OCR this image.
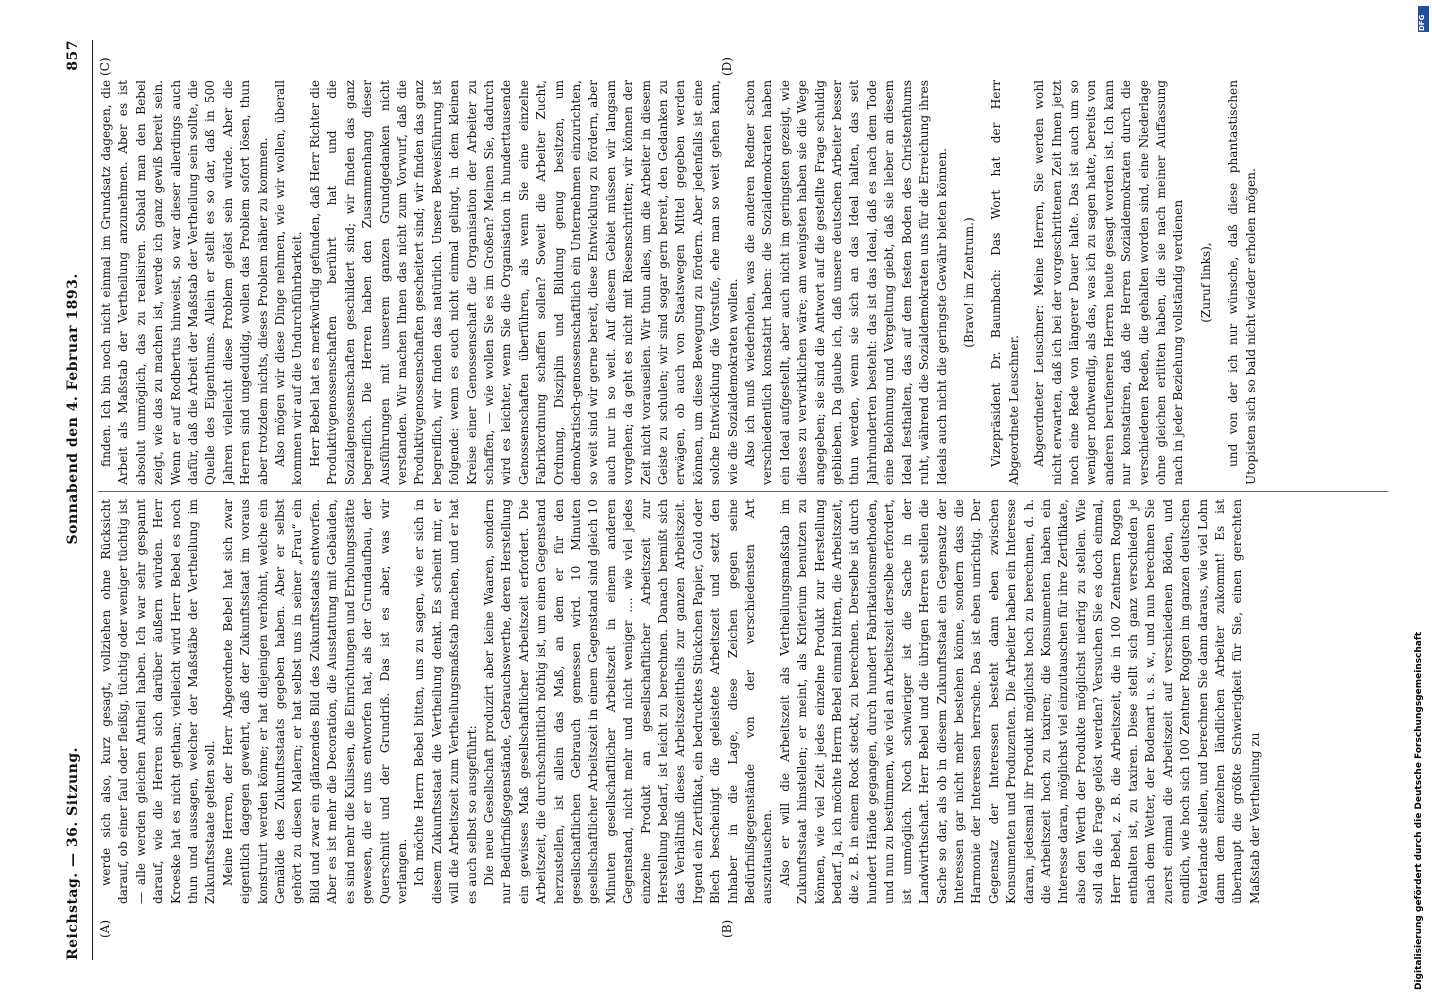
Reichstag. — 36. Sitzung.
Sonnabend den 4. Februar 1893.
857
(A)	(B)
(C)	(D)

werde sich also, kurz gesagt, vollziehen ohne Rücksicht darauf, ob einer faul oder fleißig, tüchtig oder weniger tüchtig ist — alle werden gleichen Antheil haben. Ich war sehr gespannt darauf, wie die Herren sich darüber äußern würden. Herr Kroeske hat es nicht gethan; vielleicht wird Herr Bebel es noch thun und aussagen, welcher der Maßstäbe der Vertheilung im Zukunftsstaate gelten soll. Meine Herren, der Herr Abgeordnete Bebel hat sich zwar eigentlich dagegen gewehrt, daß der Zukunftsstaat im voraus konstruirt werden könne; er hat diejenigen verhöhnt, welche ein Gemälde des Zukunftsstaats gegeben haben. Aber er selbst gehört zu diesen Malern; er hat selbst uns in seiner „Frau“ ein Bild und zwar ein glänzendes Bild des Zukunftsstaats entworfen. Aber es ist mehr die Decoration, die Ausstattung mit Gebäuden, es sind mehr die Kulissen, die Einrichtungen und Erholungsstätte gewesen, die er uns entworfen hat, als der Grundaufbau, der Querschnitt und der Grundriß. Das ist es aber, was wir verlangen. Ich möchte Herrn Bebel bitten, uns zu sagen, wie er sich in diesem Zukunftsstaat die Vertheilung denkt. Es scheint mir, er will die Arbeitszeit zum Vertheilungsmaßstab machen, und er hat es auch selbst so ausgeführt: Die neue Gesellschaft produzirt aber keine Waaren, sondern nur Bedürfnißgegenstände, Gebrauchswerthe, deren Herstellung ein gewisses Maß gesellschaftlicher Arbeitszeit erfordert. Die Arbeitszeit, die durchschnittlich nöthig ist, um einen Gegenstand herzustellen, ist allein das Maß, an dem er für den gesellschaftlichen Gebrauch gemessen wird. 10 Minuten gesellschaftlicher Arbeitszeit in einem Gegenstand sind gleich 10 Minuten gesellschaftlicher Arbeitszeit in einem anderen Gegenstand, nicht mehr und nicht weniger .... wie viel jedes einzelne Produkt an gesellschaftlicher Arbeitszeit zur Herstellung bedarf, ist leicht zu berechnen. Danach bemißt sich das Verhältniß dieses Arbeitszeittheils zur ganzen Arbeitszeit. Irgend ein Zertifikat, ein bedrucktes Stückchen Papier, Gold oder Blech bescheinigt die geleistete Arbeitszeit und setzt den Inhaber in die Lage, diese Zeichen gegen seine Bedürfnißgegenstände von der verschiedensten Art auszutauschen. Also er will die Arbeitszeit als Vertheilungsmaßstab im Zukunftsstaat hinstellen; er meint, als Kriterium benutzen zu können, wie viel Zeit jedes einzelne Produkt zur Herstellung bedarf. Ja, ich möchte Herrn Bebel einmal bitten, die Arbeitszeit, die z. B. in einem Rock steckt, zu berechnen. Derselbe ist durch hundert Hände gegangen, durch hundert Fabrikationsmethoden, und nun zu bestimmen, wie viel an Arbeitszeit derselbe erfordert, ist unmöglich. Noch schwieriger ist die Sache in der Landwirthschaft. Herr Bebel und die übrigen Herren stellen die Sache so dar, als ob in diesem Zukunftsstaat ein Gegensatz der Interessen gar nicht mehr bestehen könne, sondern dass die Harmonie der Interessen herrsche. Das ist eben unrichtig. Der Gegensatz der Interessen besteht dann eben zwischen Konsumenten und Produzenten. Die Arbeiter haben ein Interesse daran, jedesmal ihr Produkt möglichst hoch zu berechnen, d. h. die Arbeitszeit hoch zu taxiren; die Konsumenten haben ein Interesse daran, möglichst viel einzutauschen für ihre Zertifikate, also den Werth der Produkte möglichst niedrig zu stellen. Wie soll da die Frage gelöst werden? Versuchen Sie es doch einmal, Herr Bebel, z. B. die Arbeitszeit, die in 100 Zentnern Roggen enthalten ist, zu taxiren. Diese stellt sich ganz verschieden je nach dem Wetter, der Bodenart u. s. w., und nun berechnen Sie zuerst einmal die Arbeitszeit auf verschiedenen Böden, und endlich, wie hoch sich 100 Zentner Roggen im ganzen deutschen Vaterlande stellen, und berechnen Sie dann daraus, wie viel Lohn dann dem einzelnen ländlichen Arbeiter zukommt! Es ist überhaupt die größte Schwierigkeit für Sie, einen gerechten Maßstab der Vertheilung zu

finden. Ich bin noch nicht einmal im Grundsatz dagegen, die Arbeit als Maßstab der Vertheilung anzunehmen. Aber es ist absolut unmöglich, das zu realisiren. Sobald man den Bebel zeigt, wie das zu machen ist, werde ich ganz gewiß bereit sein. Wenn er auf Rodbertus hinweist, so war dieser allerdings auch dafür, daß die Arbeit der Maßstab der Vertheilung sein sollte, die Quelle des Eigenthums. Allein er stellt es so dar, daß in 500 Jahren vielleicht diese Problem gelöst sein würde. Aber die Herren sind ungeduldig, wollen das Problem sofort lösen, thun aber trotzdem nichts, dieses Problem näher zu kommen. Also mögen wir diese Dinge nehmen, wie wir wollen, überall kommen wir auf die Undurchführbarkeit. Herr Bebel hat es merkwürdig gefunden, daß Herr Richter die Produktivgenossenschaften berührt hat und die Sozialgenossenschaften geschildert sind; wir finden das ganz begreiflich. Die Herren haben den Zusammenhang dieser Ausführungen mit unserem ganzen Grundgedanken nicht verstanden. Wir machen Ihnen das nicht zum Vorwurf, daß die Produktivgenossenschaften gescheitert sind; wir finden das ganz begreiflich, wir finden das natürlich. Unsere Beweisführung ist folgende: wenn es euch nicht einmal gelingt, in dem kleinen Kreise einer Genossenschaft die Organisation der Arbeiter zu schaffen, — wie wollen Sie es im Großen? Meinen Sie, dadurch wird es leichter, wenn Sie die Organisation in hunderttausende Genossenschaften überführen, als wenn Sie eine einzelne Fabrikordnung schaffen sollen? Soweit die Arbeiter Zucht, Ordnung, Disziplin und Bildung genug besitzen, um demokratisch-genossenschaftlich ein Unternehmen einzurichten, so weit sind wir gerne bereit, diese Entwicklung zu fördern, aber auch nur in so weit. Auf diesem Gebiet müssen wir langsam vorgehen; da geht es nicht mit Riesenschritten; wir können der Zeit nicht vorauseilen. Wir thun alles, um die Arbeiter in diesem Geiste zu schulen; wir sind sogar gern bereit, den Gedanken zu erwägen, ob auch von Staatswegen Mittel gegeben werden können, um diese Bewegung zu fördern. Aber jedenfalls ist eine solche Entwicklung die Vorstufe, ehe man so weit gehen kann, wie die Sozialdemokraten wollen. Also ich muß wiederholen, was die anderen Redner schon verschiedentlich konstatirt haben: die Sozialdemokraten haben ein Ideal aufgestellt, aber auch nicht im geringsten gezeigt, wie dieses zu verwirklichen wäre; am wenigsten haben sie die Wege angegeben; sie sind die Antwort auf die gestellte Frage schuldig geblieben. Da glaube ich, daß unsere deutschen Arbeiter besser thun werden, wenn sie sich an das Ideal halten, das seit Jahrhunderten besteht: das ist das Ideal, daß es nach dem Tode eine Belohnung und Vergeltung giebt, daß sie lieber an diesem Ideal festhalten, das auf dem festen Boden des Christenthums ruht, während die Sozialdemokraten uns für die Erreichung ihres Ideals auch nicht die geringste Gewähr bieten können. (Bravo! im Zentrum.) Vizepräsident Dr. Baumbach: Das Wort hat der Herr Abgeordnete Leuschner. Abgeordneter Leuschner: Meine Herren, Sie werden wohl nicht erwarten, daß ich bei der vorgeschrittenen Zeit Ihnen jetzt noch eine Rede von längerer Dauer halte. Das ist auch um so weniger nothwendig, als das, was ich zu sagen hatte, bereits von anderen berufeneren Herren heute gesagt worden ist. Ich kann nur konstatiren, daß die Herren Sozialdemokraten durch die verschiedenen Reden, die gehalten worden sind, eine Niederlage ohne gleichen erlitten haben, die sie nach meiner Auffassung nach in jeder Beziehung vollständig verdienen (Zuruf links), und von der ich nur wünsche, daß diese phantastischen Utopisten sich so bald nicht wieder erholen mögen.

Digitalisierung gefördert durch die Deutsche Forschungsgemeinschaft
DFG
